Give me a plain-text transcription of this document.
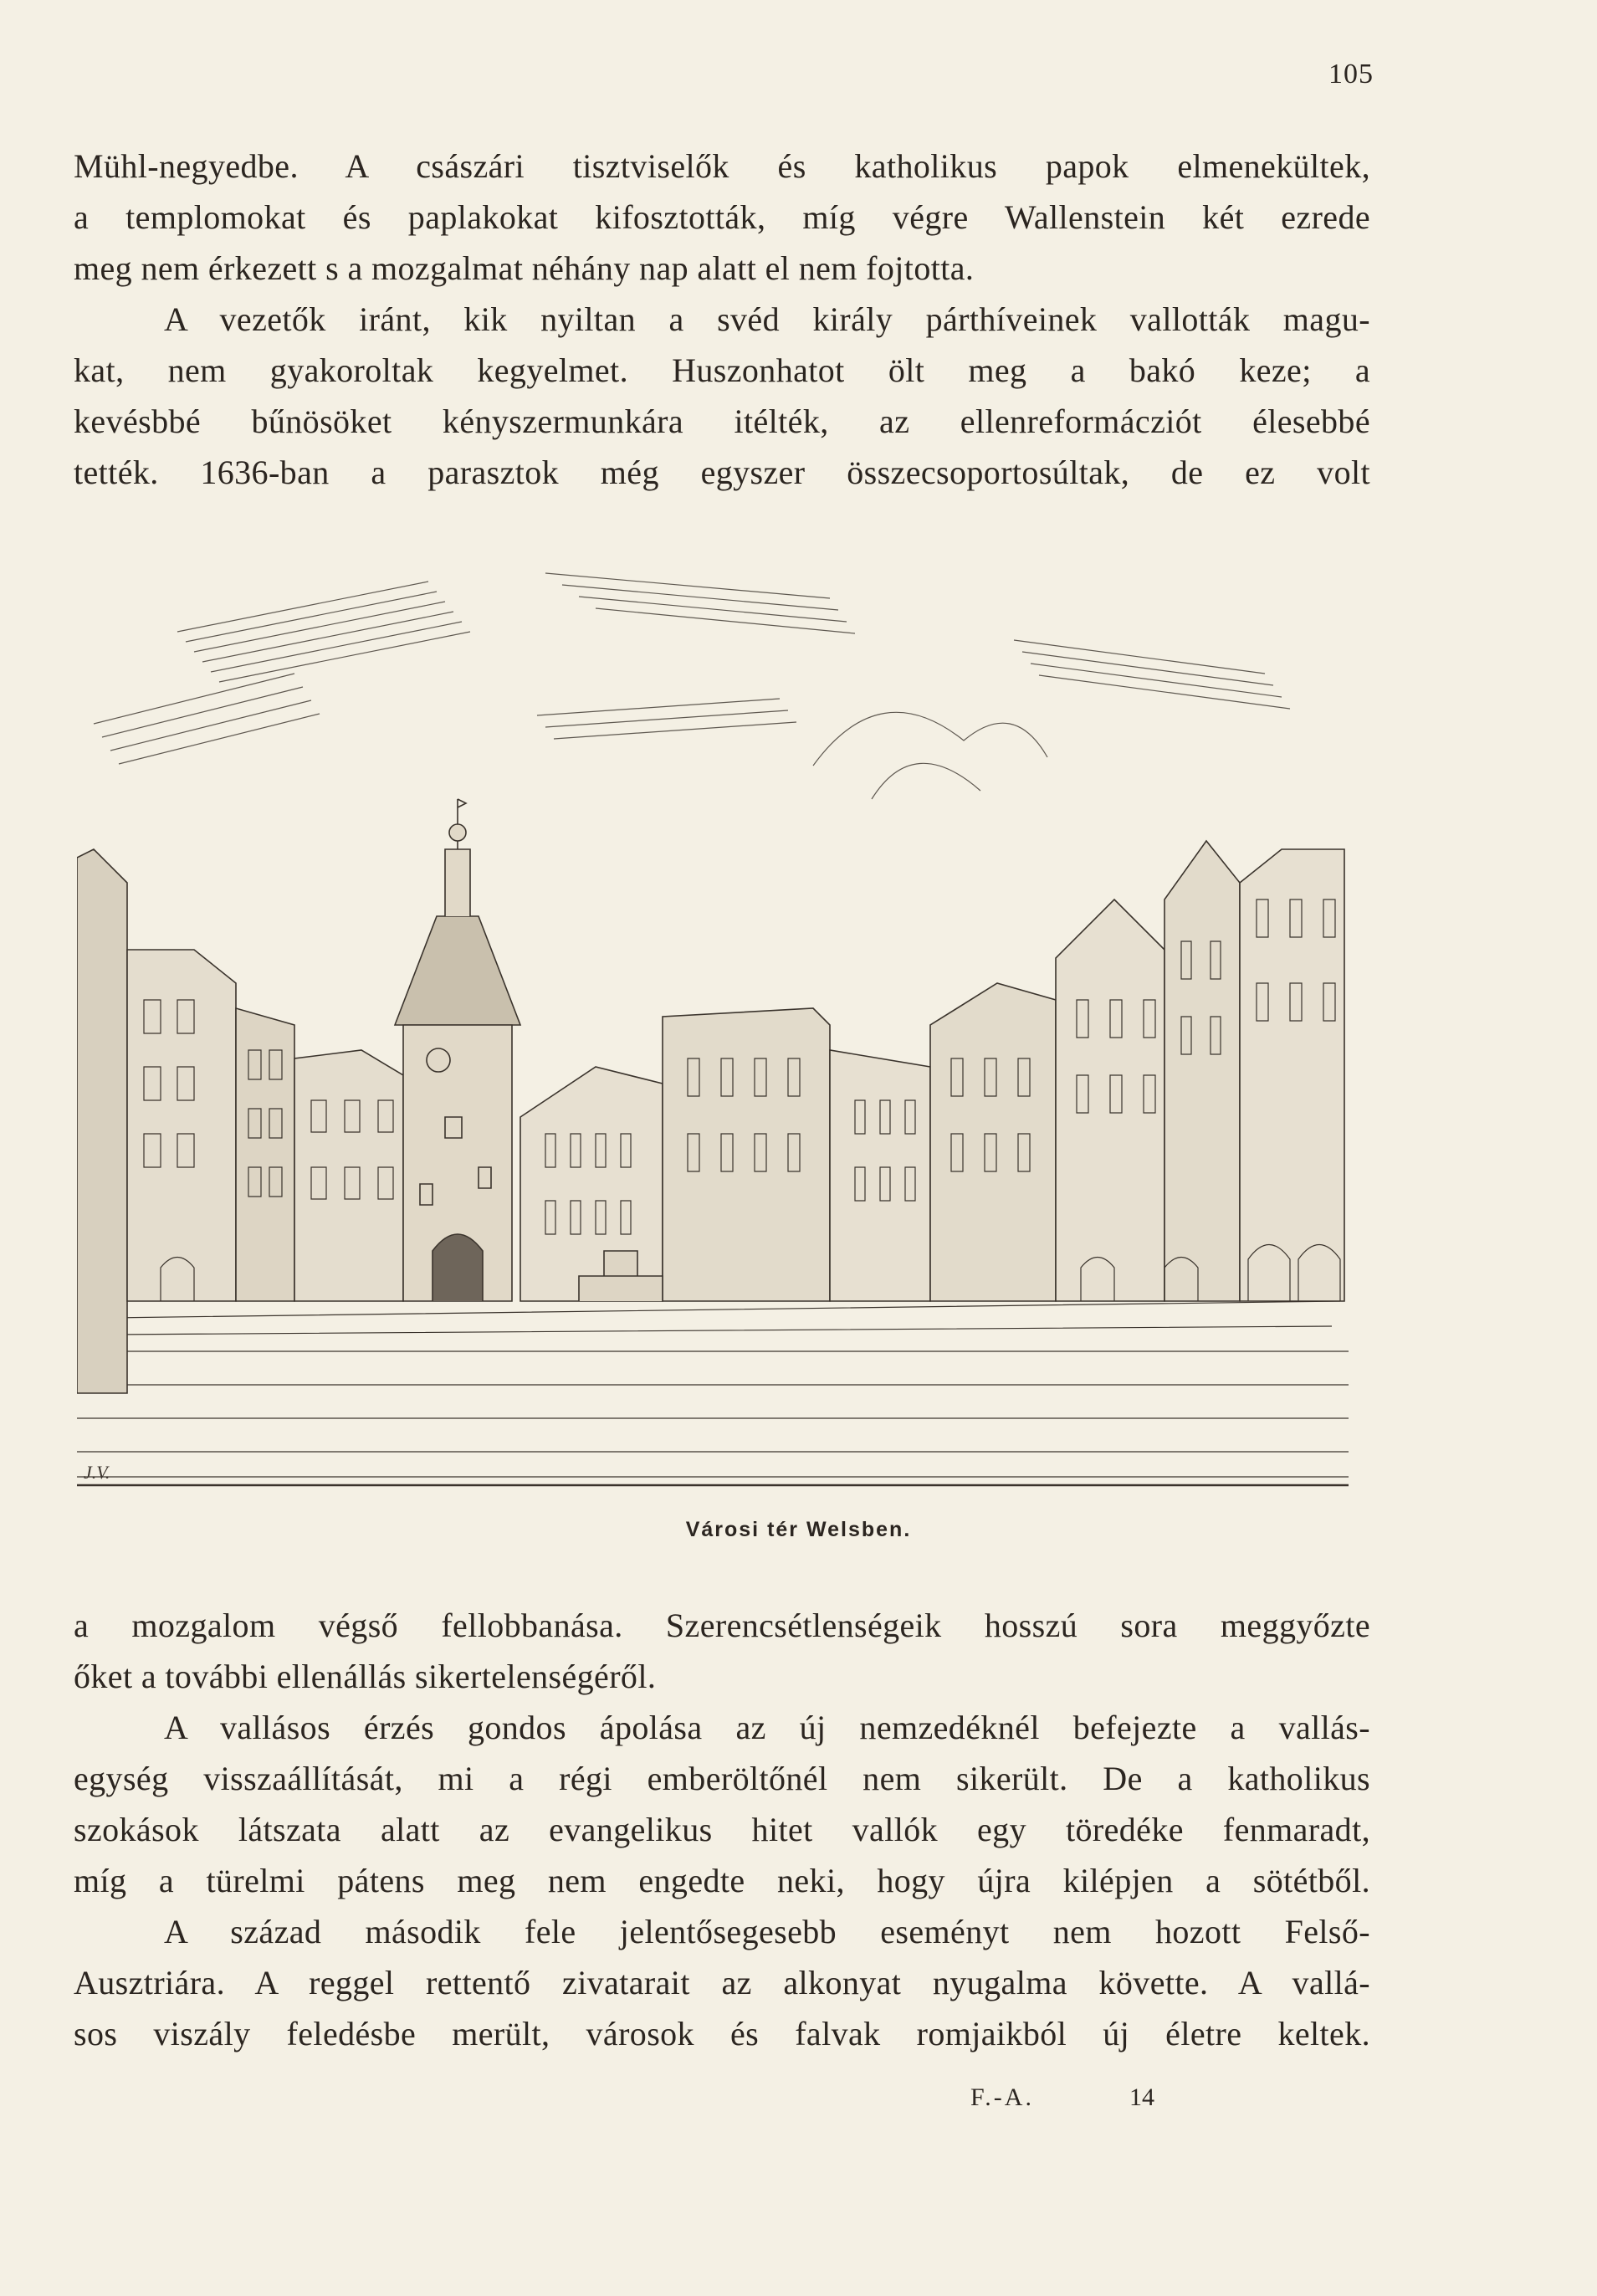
105
Mühl-negyedbe. A császári tisztviselők és katholikus papok elmenekültek,
a templomokat és paplakokat kifosztották, míg végre Wallenstein két ezrede
meg nem érkezett s a mozgalmat néhány nap alatt el nem fojtotta.
A vezetők iránt, kik nyiltan a svéd király párthíveinek vallották magu-
kat, nem gyakoroltak kegyelmet. Huszonhatot ölt meg a bakó keze; a
kevésbbé bűnösöket kényszermunkára itélték, az ellenreformácziót élesebbé
tették. 1636-ban a parasztok még egyszer összecsoportosúltak, de ez volt
J.V.
Városi tér Welsben.
a mozgalom végső fellobbanása. Szerencsétlenségeik hosszú sora meggyőzte
őket a további ellenállás sikertelenségéről.
A vallásos érzés gondos ápolása az új nemzedéknél befejezte a vallás-
egység visszaállítását, mi a régi emberöltőnél nem sikerült. De a katholikus
szokások látszata alatt az evangelikus hitet vallók egy töredéke fenmaradt,
míg a türelmi pátens meg nem engedte neki, hogy újra kilépjen a sötétből.
A század második fele jelentősegesebb eseményt nem hozott Felső-
Ausztriára. A reggel rettentő zivatarait az alkonyat nyugalma követte. A vallá-
sos viszály feledésbe merült, városok és falvak romjaikból új életre keltek.
F.-A.	14
